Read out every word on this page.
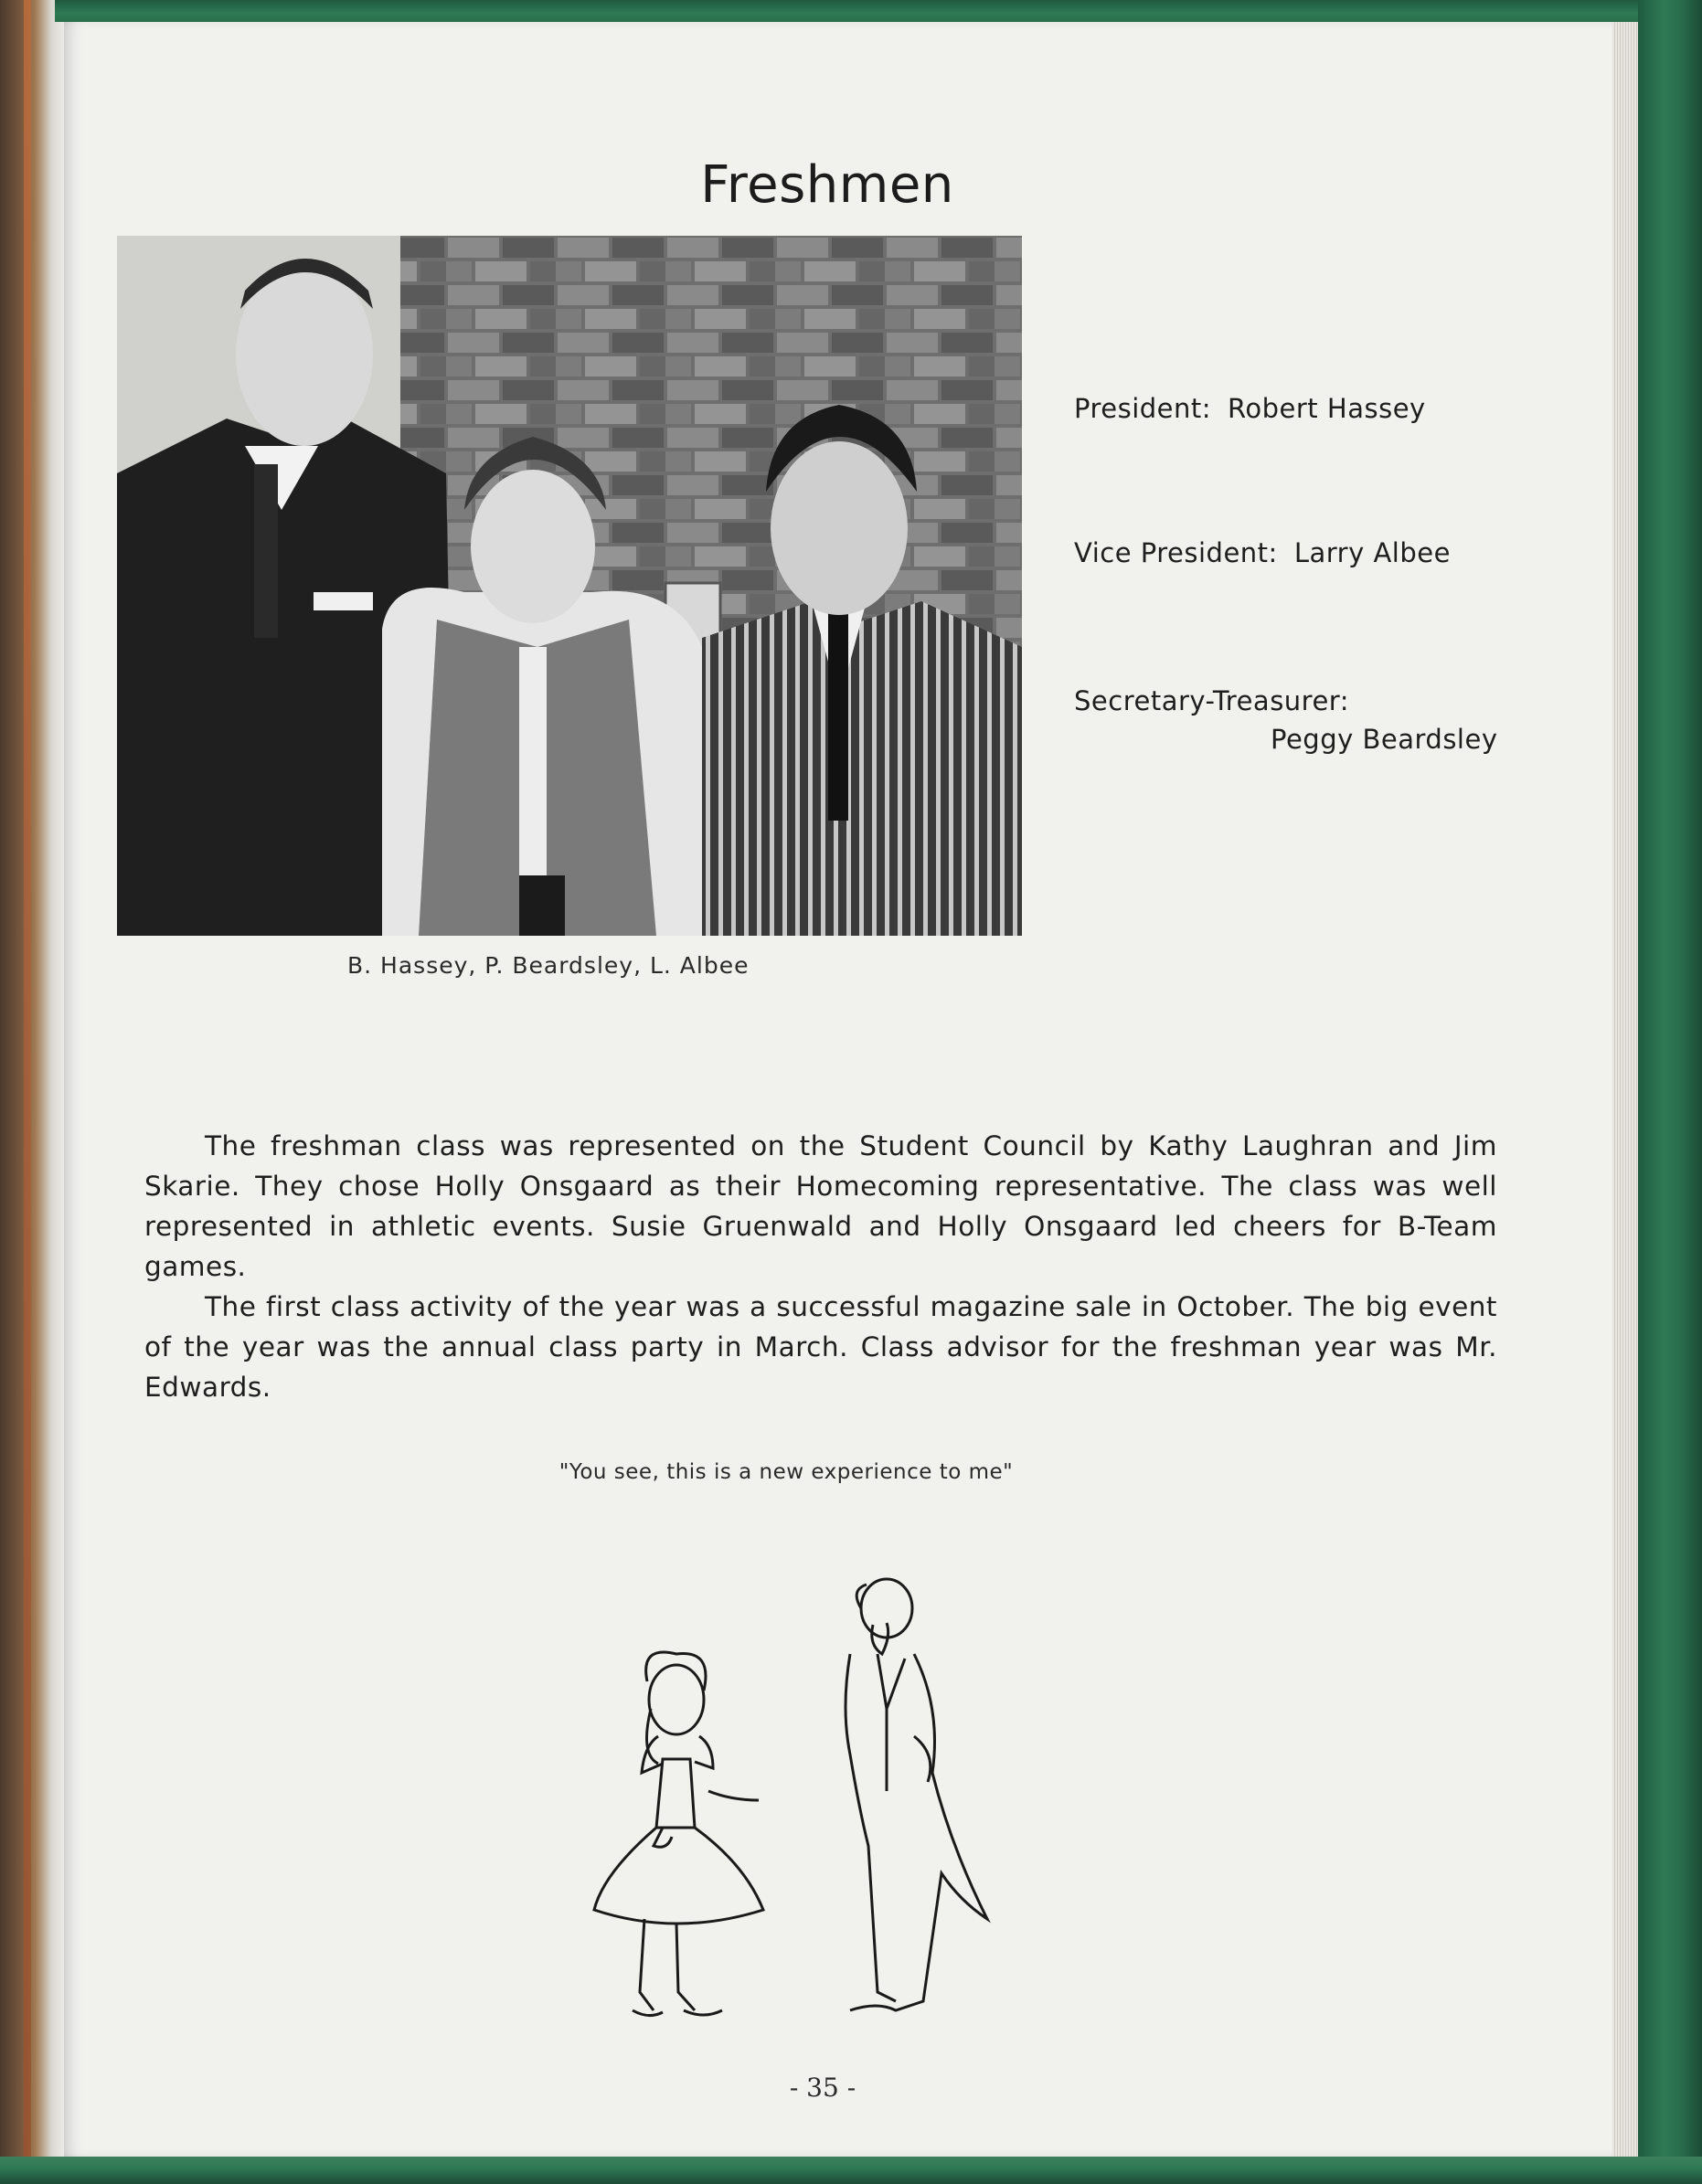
Freshmen
B. Hassey, P. Beardsley, L. Albee
President: Robert Hassey
Vice President: Larry Albee
Secretary-Treasurer:
Peggy Beardsley

The freshman class was represented on the Student Council by Kathy Laughran and Jim Skarie. They chose Holly Onsgaard as their Homecoming representative. The class was well represented in athletic events. Susie Gruenwald and Holly Onsgaard led cheers for B-Team games.

The first class activity of the year was a successful magazine sale in October. The big event of the year was the annual class party in March. Class advisor for the freshman year was Mr. Edwards.

"You see, this is a new experience to me"
- 35 -
